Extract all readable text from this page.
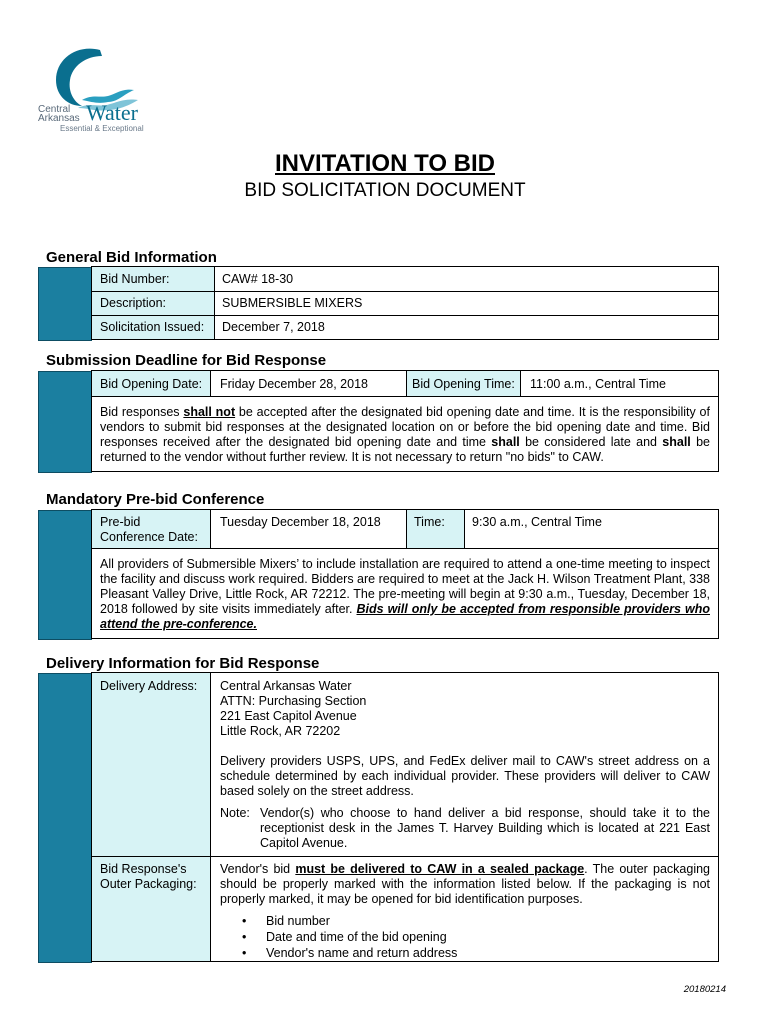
Central
Arkansas Water
Essential & Exceptional
INVITATION TO BID
BID SOLICITATION DOCUMENT
General Bid Information
Bid Number:	CAW# 18-30
Description:	SUBMERSIBLE MIXERS
Solicitation Issued: December 7, 2018
Submission Deadline for Bid Response
Bid Opening Date: Friday December 28, 2018	Bid Opening Time: 11:00 a.m., Central Time
Bid responses shall not be accepted after the designated bid opening date and time. It is the responsibility of vendors to submit bid responses at the designated location on or before the bid opening date and time. Bid responses received after the designated bid opening date and time shall be considered late and shall be returned to the vendor without further review. It is not necessary to return "no bids" to CAW.
Mandatory Pre-bid Conference
Pre-bid
Conference Date:
Tuesday December 18, 2018	Time: 9:30 a.m., Central Time
All providers of Submersible Mixers’ to include installation are required to attend a one-time meeting to inspect the facility and discuss work required. Bidders are required to meet at the Jack H. Wilson Treatment Plant, 338 Pleasant Valley Drive, Little Rock, AR 72212. The pre-meeting will begin at 9:30 a.m., Tuesday, December 18, 2018 followed by site visits immediately after. Bids will only be accepted from responsible providers who attend the pre-conference.
Delivery Information for Bid Response
Delivery Address: Central Arkansas Water
ATTN: Purchasing Section
221 East Capitol Avenue
Little Rock, AR 72202
Delivery providers USPS, UPS, and FedEx deliver mail to CAW's street address on a schedule determined by each individual provider. These providers will deliver to CAW based solely on the street address.
Note: Vendor(s) who choose to hand deliver a bid response, should take it to the receptionist desk in the James T. Harvey Building which is located at 221 East Capitol Avenue.
Bid Response's
Outer Packaging:
Vendor's bid must be delivered to CAW in a sealed package. The outer packaging should be properly marked with the information listed below. If the packaging is not properly marked, it may be opened for bid identification purposes.
• Bid number
• Date and time of the bid opening
• Vendor's name and return address
20180214
